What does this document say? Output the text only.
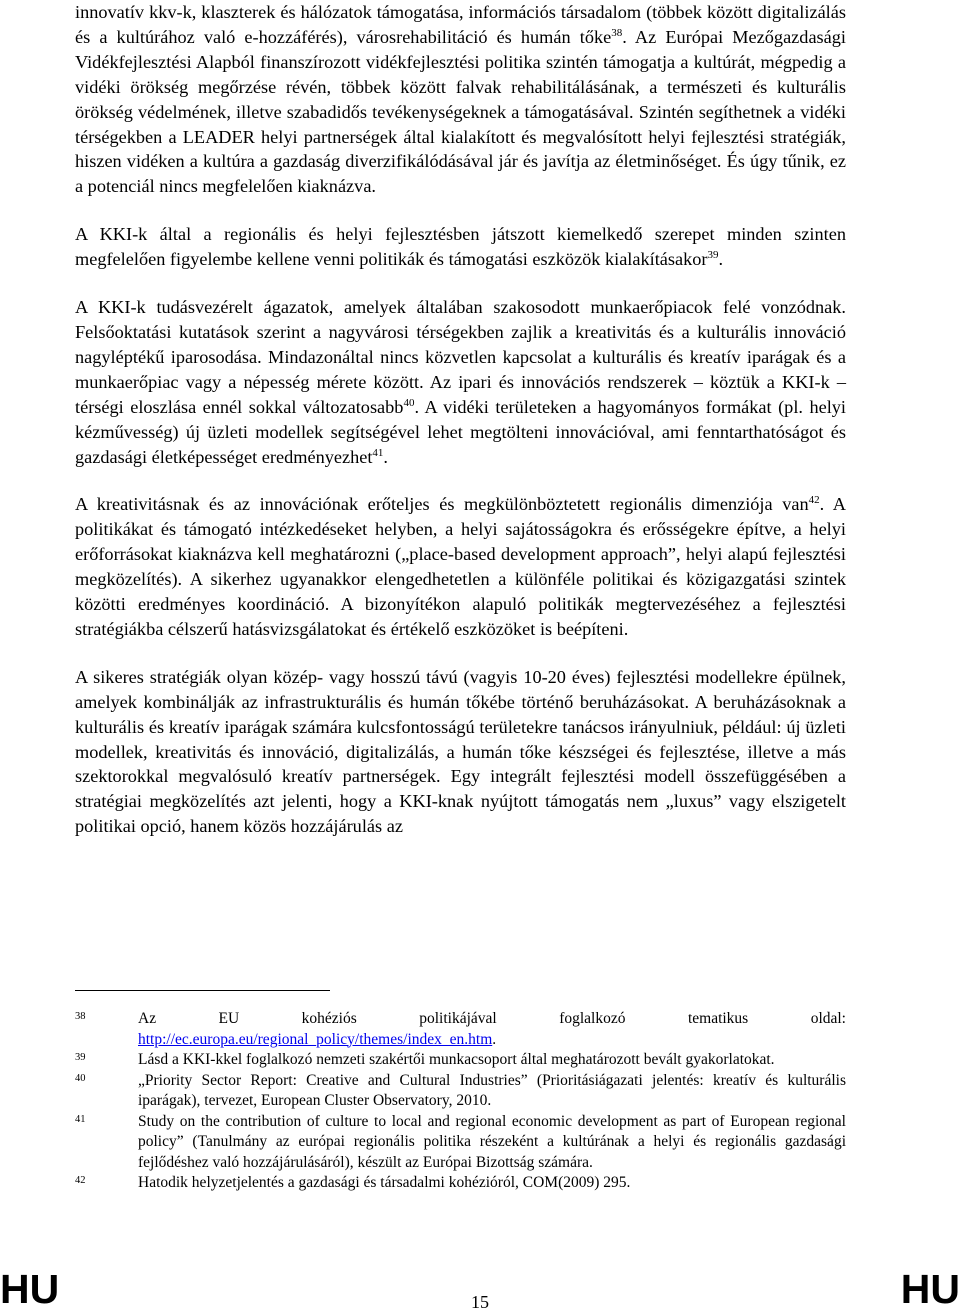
innovatív kkv-k, klaszterek és hálózatok támogatása, információs társadalom (többek között digitalizálás és a kultúrához való e-hozzáférés), városrehabilitáció és humán tőke$^{38}$. Az Európai Mezőgazdasági Vidékfejlesztési Alapból finanszírozott vidékfejlesztési politika szintén támogatja a kultúrát, mégpedig a vidéki örökség megőrzése révén, többek között falvak rehabilitálásának, a természeti és kulturális örökség védelmének, illetve szabadidős tevékenységeknek a támogatásával. Szintén segíthetnek a vidéki térségekben a LEADER helyi partnerségek által kialakított és megvalósított helyi fejlesztési stratégiák, hiszen vidéken a kultúra a gazdaság diverzifikálódásával jár és javítja az életminőséget. És úgy tűnik, ez a potenciál nincs megfelelően kiaknázva.

A KKI-k által a regionális és helyi fejlesztésben játszott kiemelkedő szerepet minden szinten megfelelően figyelembe kellene venni politikák és támogatási eszközök kialakításakor$^{39}$.

A KKI-k tudásvezérelt ágazatok, amelyek általában szakosodott munkaerőpiacok felé vonzódnak. Felsőoktatási kutatások szerint a nagyvárosi térségekben zajlik a kreativitás és a kulturális innováció nagyléptékű iparosodása. Mindazonáltal nincs közvetlen kapcsolat a kulturális és kreatív iparágak és a munkaerőpiac vagy a népesség mérete között. Az ipari és innovációs rendszerek – köztük a KKI-k – térségi eloszlása ennél sokkal változatosabb$^{40}$. A vidéki területeken a hagyományos formákat (pl. helyi kézművesség) új üzleti modellek segítségével lehet megtölteni innovációval, ami fenntarthatóságot és gazdasági életképességet eredményezhet$^{41}$.

A kreativitásnak és az innovációnak erőteljes és megkülönböztetett regionális dimenziója van$^{42}$. A politikákat és támogató intézkedéseket helyben, a helyi sajátosságokra és erősségekre építve, a helyi erőforrásokat kiaknázva kell meghatározni („place-based development approach”, helyi alapú fejlesztési megközelítés). A sikerhez ugyanakkor elengedhetetlen a különféle politikai és közigazgatási szintek közötti eredményes koordináció. A bizonyítékon alapuló politikák megtervezéséhez a fejlesztési stratégiákba célszerű hatásvizsgálatokat és értékelő eszközöket is beépíteni.

A sikeres stratégiák olyan közép- vagy hosszú távú (vagyis 10-20 éves) fejlesztési modellekre épülnek, amelyek kombinálják az infrastrukturális és humán tőkébe történő beruházásokat. A beruházásoknak a kulturális és kreatív iparágak számára kulcsfontosságú területekre tanácsos irányulniuk, például: új üzleti modellek, kreativitás és innováció, digitalizálás, a humán tőke készségei és fejlesztése, illetve a más szektorokkal megvalósuló kreatív partnerségek. Egy integrált fejlesztési modell összefüggésében a stratégiai megközelítés azt jelenti, hogy a KKI-knak nyújtott támogatás nem „luxus” vagy elszigetelt politikai opció, hanem közös hozzájárulás az

38	Az EU kohéziós politikájával foglalkozó tematikus oldal: http://ec.europa.eu/regional_policy/themes/index_en.htm.
39	Lásd a KKI-kkel foglalkozó nemzeti szakértői munkacsoport által meghatározott bevált gyakorlatokat.
40	„Priority Sector Report: Creative and Cultural Industries” (Prioritásiágazati jelentés: kreatív és kulturális iparágak), tervezet, European Cluster Observatory, 2010.
41	Study on the contribution of culture to local and regional economic development as part of European regional policy” (Tanulmány az európai regionális politika részeként a kultúrának a helyi és regionális gazdasági fejlődéshez való hozzájárulásáról), készült az Európai Bizottság számára.
42	Hatodik helyzetjelentés a gazdasági és társadalmi kohézióról, COM(2009) 295.
HU	HU
15
